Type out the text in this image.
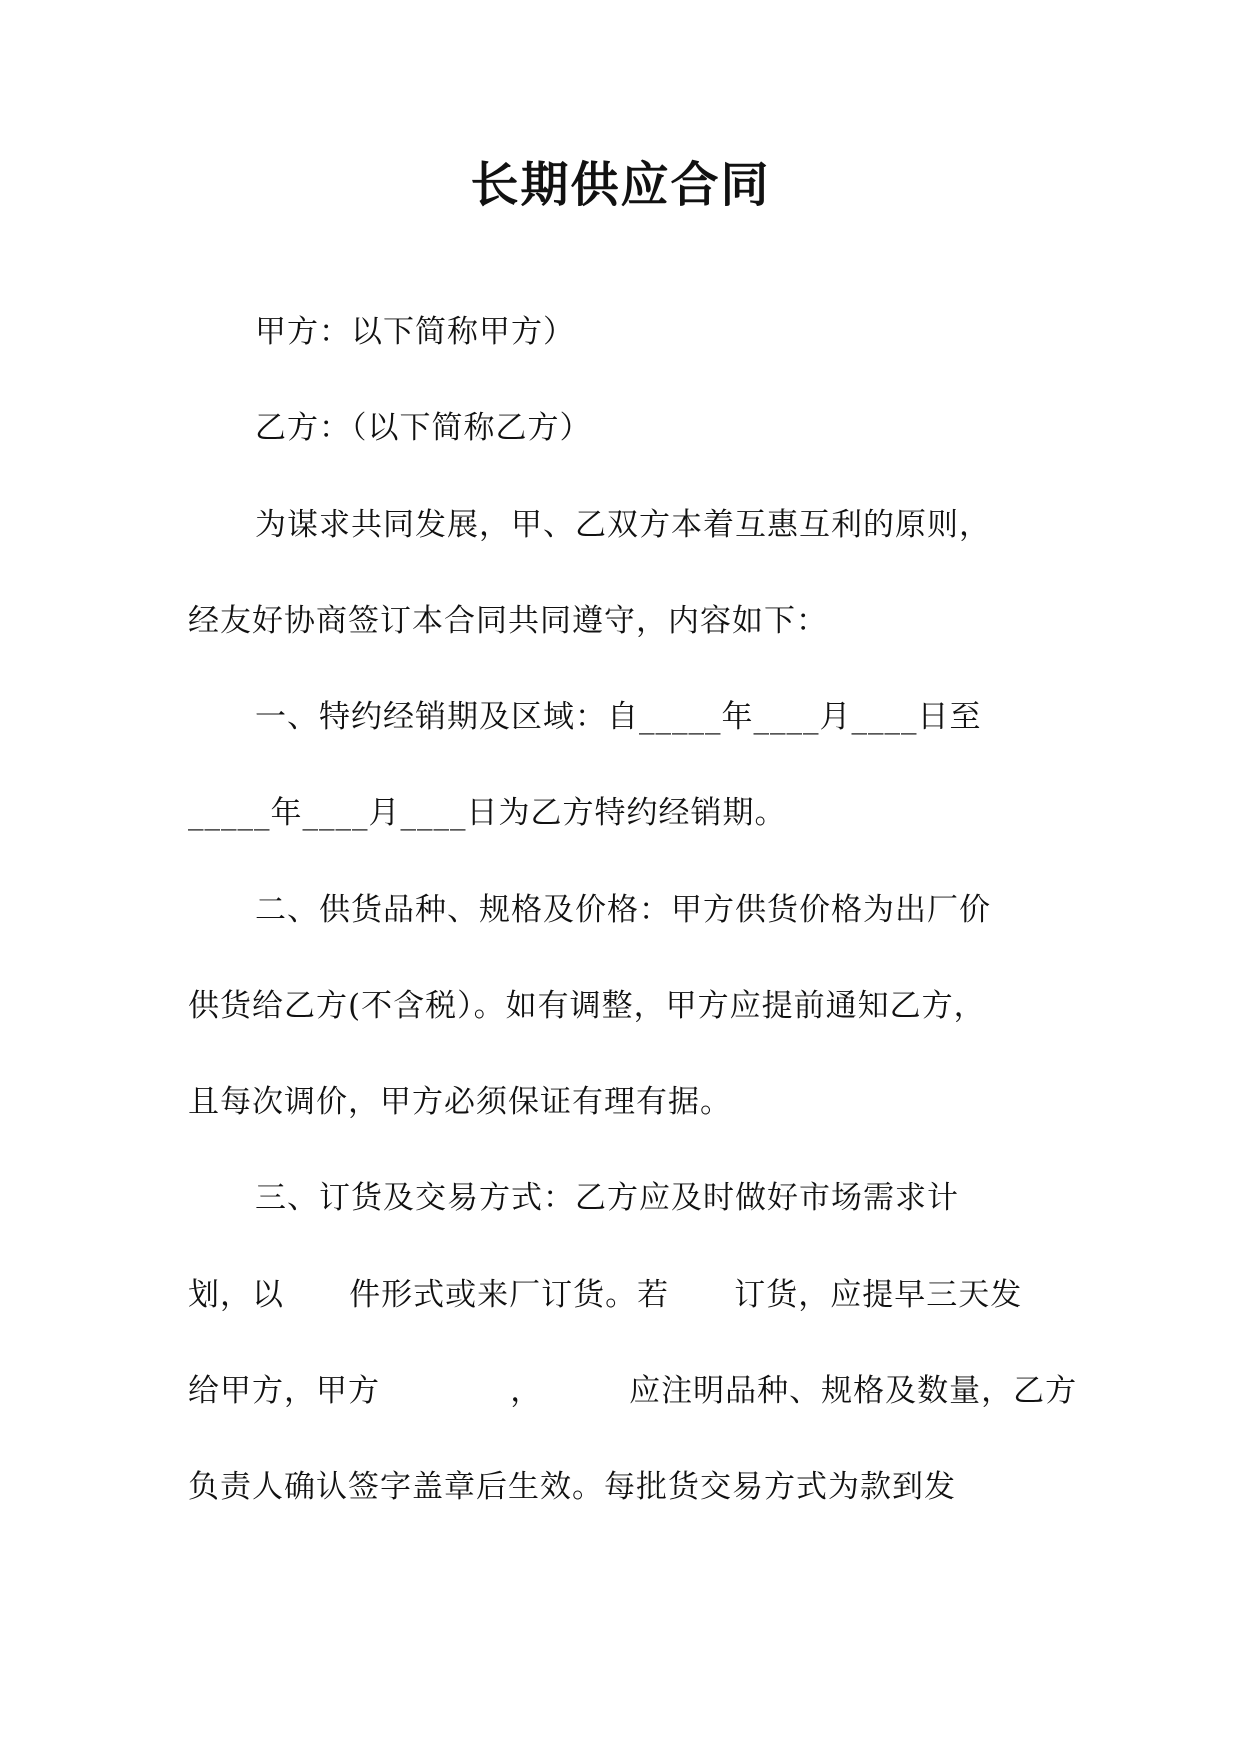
长期供应合同
甲方：以下简称甲方）
乙方：（以下简称乙方）
为谋求共同发展，甲、乙双方本着互惠互利的原则，
经友好协商签订本合同共同遵守，内容如下：
一、特约经销期及区域：自_____年____月____日至
_____年____月____日为乙方特约经销期。
二、供货品种、规格及价格：甲方供货价格为出厂价
供货给乙方(不含税）。如有调整，甲方应提前通知乙方，
且每次调价，甲方必须保证有理有据。
三、订货及交易方式：乙方应及时做好市场需求计
划，以      件形式或来厂订货。若      订货，应提早三天发
给甲方，甲方            ，        应注明品种、规格及数量，乙方
负责人确认签字盖章后生效。每批货交易方式为款到发
